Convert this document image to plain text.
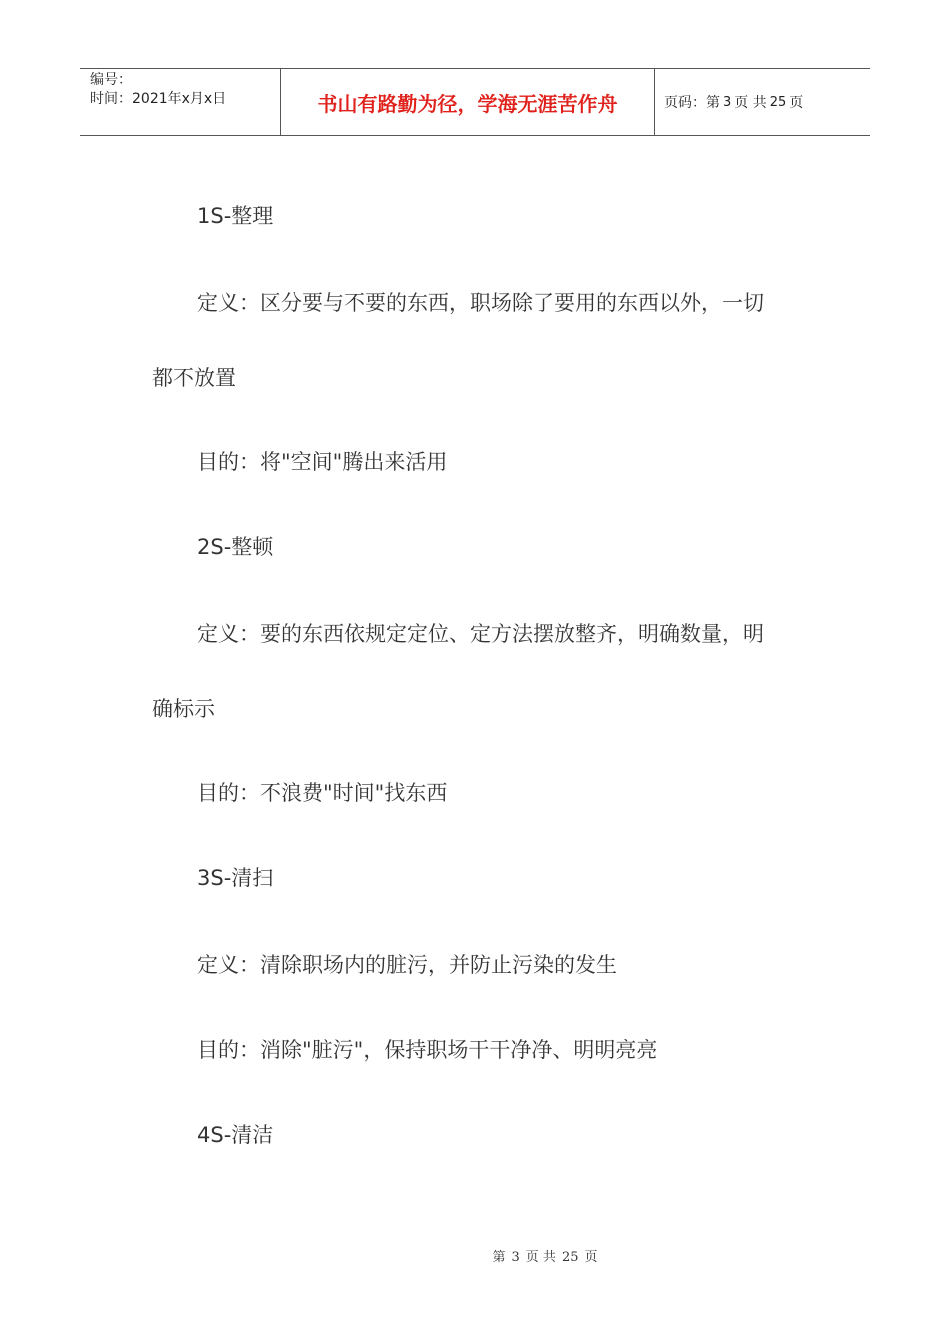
编号：
时间：2021年x月x日	书山有路勤为径，学海无涯苦作舟	页码：第 3 页 共 25 页
1S-整理
定义：区分要与不要的东西，职场除了要用的东西以外，一切
都不放置
目的：将"空间"腾出来活用
2S-整顿
定义：要的东西依规定定位、定方法摆放整齐，明确数量，明
确标示
目的：不浪费"时间"找东西
3S-清扫
定义：清除职场内的脏污，并防止污染的发生
目的：消除"脏污"，保持职场干干净净、明明亮亮
4S-清洁
第 3 页 共 25 页
